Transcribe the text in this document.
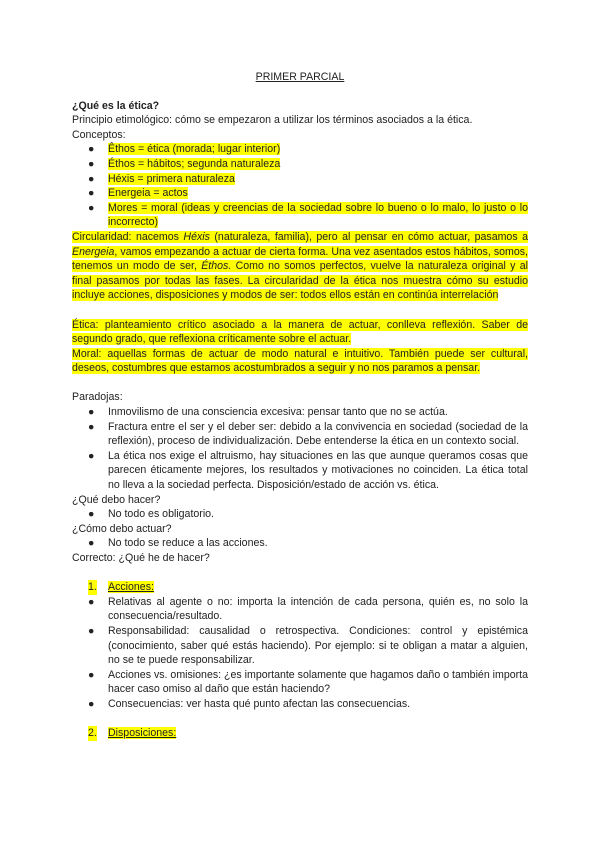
PRIMER PARCIAL

¿Qué es la ética?

Principio etimológico: cómo se empezaron a utilizar los términos asociados a la ética.

Conceptos:

● Êthos = ética (morada; lugar interior)
● Éthos = hábitos; segunda naturaleza
● Héxis = primera naturaleza
● Energeia = actos
● Mores = moral (ideas y creencias de la sociedad sobre lo bueno o lo malo, lo justo o lo incorrecto)

Circularidad: nacemos Héxis (naturaleza, familia), pero al pensar en cómo actuar, pasamos a Energeia, vamos empezando a actuar de cierta forma. Una vez asentados estos hábitos, somos, tenemos un modo de ser, Éthos. Como no somos perfectos, vuelve la naturaleza original y al final pasamos por todas las fases. La circularidad de la ética nos muestra cómo su estudio incluye acciones, disposiciones y modos de ser: todos ellos están en continúa interrelación

Ética: planteamiento crítico asociado a la manera de actuar, conlleva reflexión. Saber de segundo grado, que reflexiona críticamente sobre el actuar.

Moral: aquellas formas de actuar de modo natural e intuitivo. También puede ser cultural, deseos, costumbres que estamos acostumbrados a seguir y no nos paramos a pensar.

Paradojas:

● Inmovilismo de una consciencia excesiva: pensar tanto que no se actúa.
● Fractura entre el ser y el deber ser: debido a la convivencia en sociedad (sociedad de la reflexión), proceso de individualización. Debe entenderse la ética en un contexto social.
● La ética nos exige el altruismo, hay situaciones en las que aunque queramos cosas que parecen éticamente mejores, los resultados y motivaciones no coinciden. La ética total no lleva a la sociedad perfecta. Disposición/estado de acción vs. ética.

¿Qué debo hacer?

● No todo es obligatorio.

¿Cómo debo actuar?

● No todo se reduce a las acciones.

Correcto: ¿Qué he de hacer?

1. Acciones:
● Relativas al agente o no: importa la intención de cada persona, quién es, no solo la consecuencia/resultado.
● Responsabilidad: causalidad o retrospectiva. Condiciones: control y epistémica (conocimiento, saber qué estás haciendo). Por ejemplo: si te obligan a matar a alguien, no se te puede responsabilizar.
● Acciones vs. omisiones: ¿es importante solamente que hagamos daño o también importa hacer caso omiso al daño que están haciendo?
● Consecuencias: ver hasta qué punto afectan las consecuencias.
2. Disposiciones:
